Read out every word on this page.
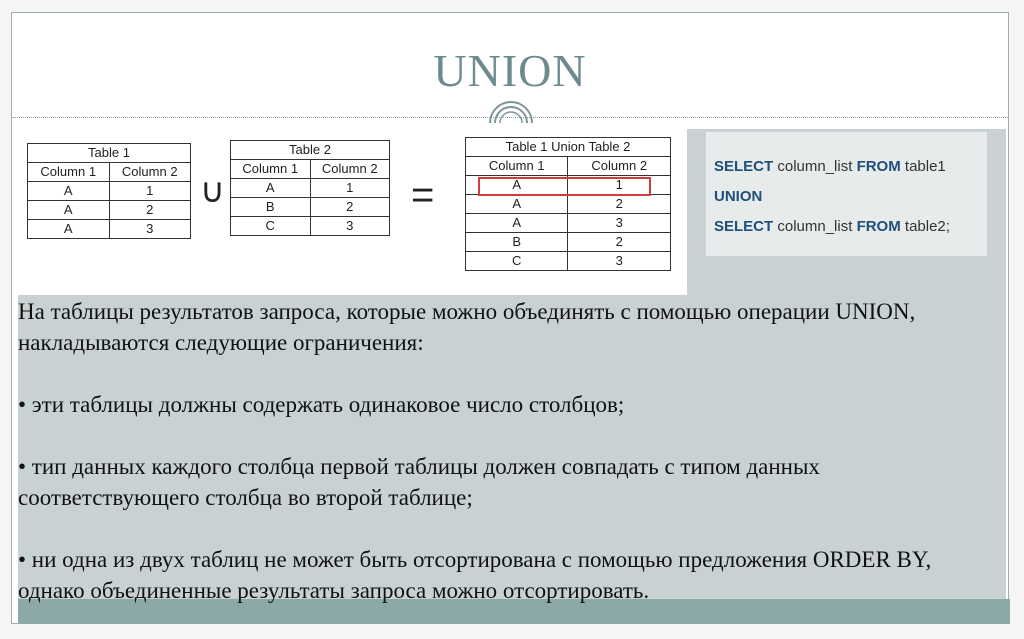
UNION
Table 1	
Column 1	Column 2
A	1
A	2
A	3
∪
Table 2	
Column 1	Column 2
A	1
B	2
C	3
=
Table 1 Union Table 2	
Column 1	Column 2
A	1
A	2
A	3
B	2
C	3
SELECT column_list FROM table1
UNION
SELECT column_list FROM table2;

На таблицы результатов запроса, которые можно объединять с помощью операции UNION, накладываются следующие ограничения:

• эти таблицы должны содержать одинаковое число столбцов;

• тип данных каждого столбца первой таблицы должен совпадать с типом данных соответствующего столбца во второй таблице;

• ни одна из двух таблиц не может быть отсортирована с помощью предложения ORDER BY, однако объединенные результаты запроса можно отсортировать.
